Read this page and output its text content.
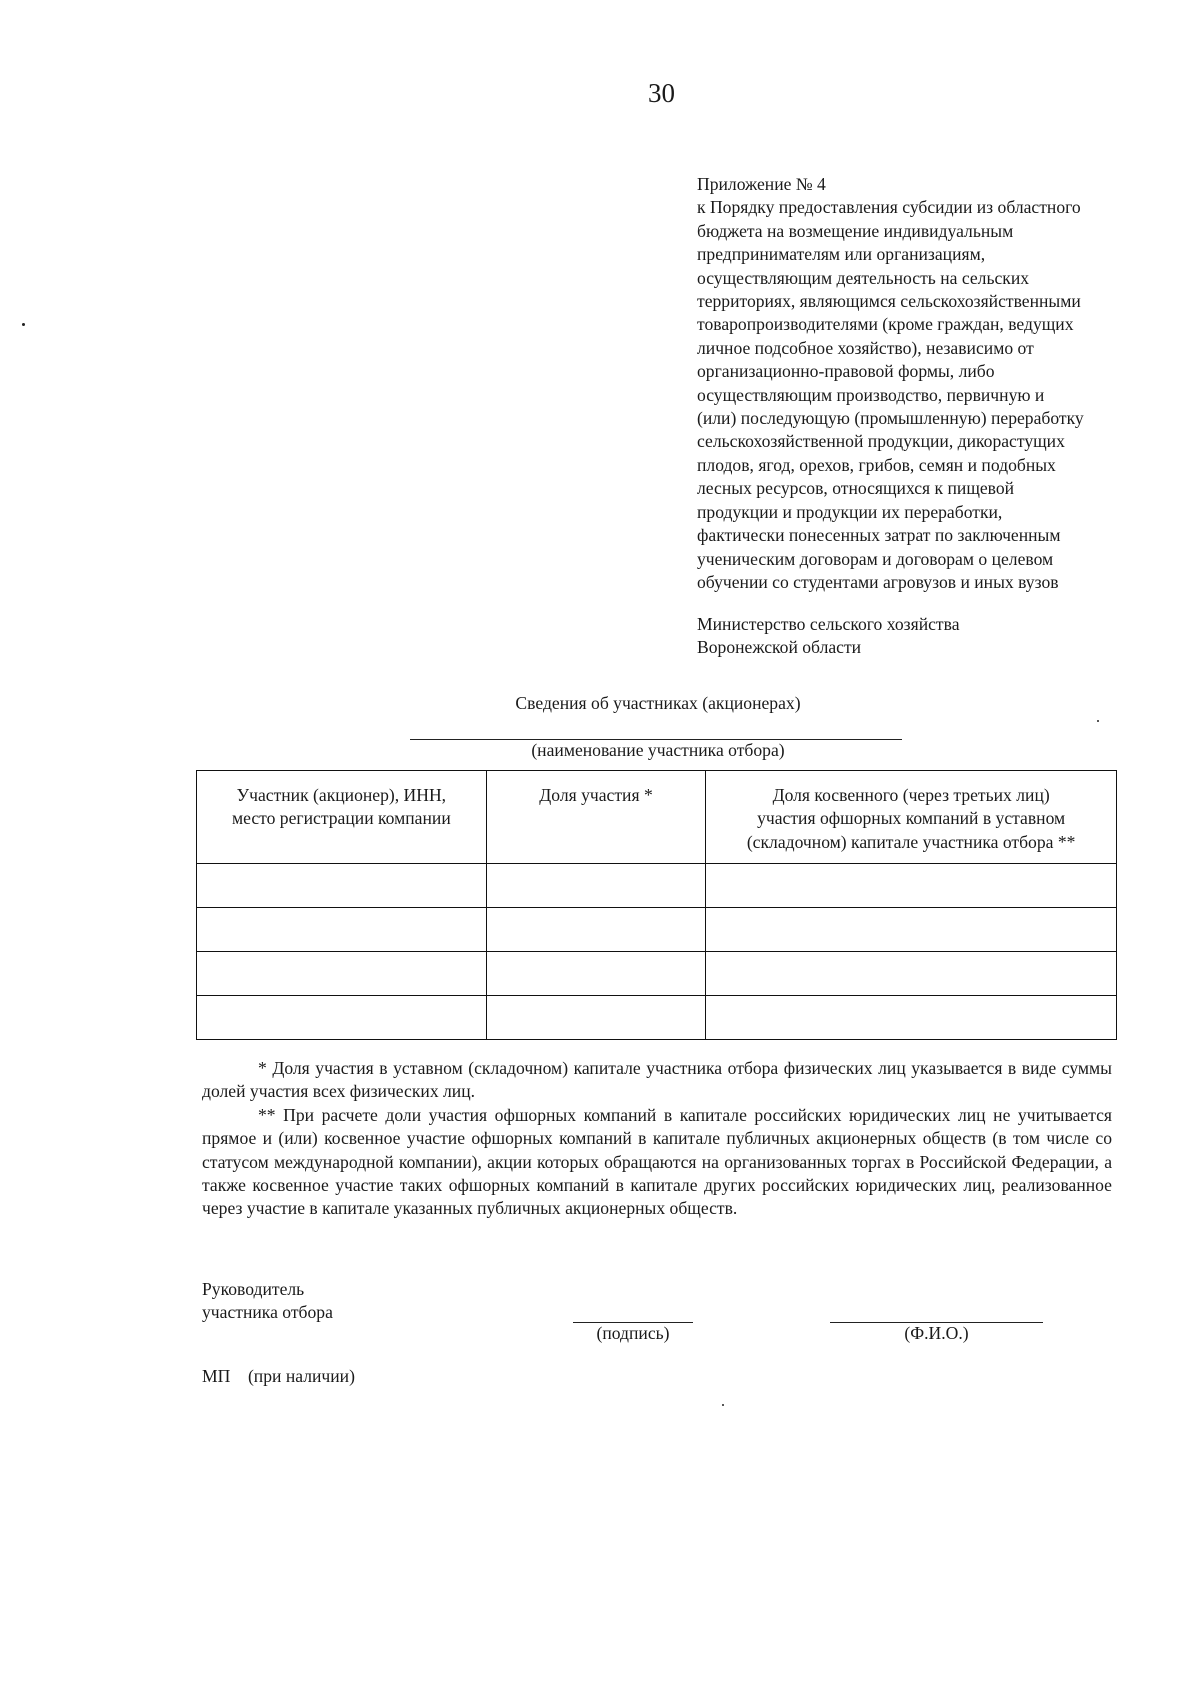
30
Приложение № 4
к Порядку предоставления субсидии из областного
бюджета на возмещение индивидуальным
предпринимателям или организациям,
осуществляющим деятельность на сельских
территориях, являющимся сельскохозяйственными
товаропроизводителями (кроме граждан, ведущих
личное подсобное хозяйство), независимо от
организационно-правовой формы, либо
осуществляющим производство, первичную и
(или) последующую (промышленную) переработку
сельскохозяйственной продукции, дикорастущих
плодов, ягод, орехов, грибов, семян и подобных
лесных ресурсов, относящихся к пищевой
продукции и продукции их переработки,
фактически понесенных затрат по заключенным
ученическим договорам и договорам о целевом
обучении со студентами агровузов и иных вузов
Министерство сельского хозяйства
Воронежской области
Сведения об участниках (акционерах)
(наименование участника отбора)
Участник (акционер), ИНН,
место регистрации компании	Доля участия *	Доля косвенного (через третьих лиц)
участия офшорных компаний в уставном
(складочном) капитале участника отбора **

* Доля участия в уставном (складочном) капитале участника отбора физических лиц указывается в виде суммы долей участия всех физических лиц.

** При расчете доли участия офшорных компаний в капитале российских юридических лиц не учитывается прямое и (или) косвенное участие офшорных компаний в капитале публичных акционерных обществ (в том числе со статусом международной компании), акции которых обращаются на организованных торгах в Российской Федерации, а также косвенное участие таких офшорных компаний в капитале других российских юридических лиц, реализованное через участие в капитале указанных публичных акционерных обществ.

Руководитель
участника отбора
(подпись)	(Ф.И.О.)
МП    (при наличии)
